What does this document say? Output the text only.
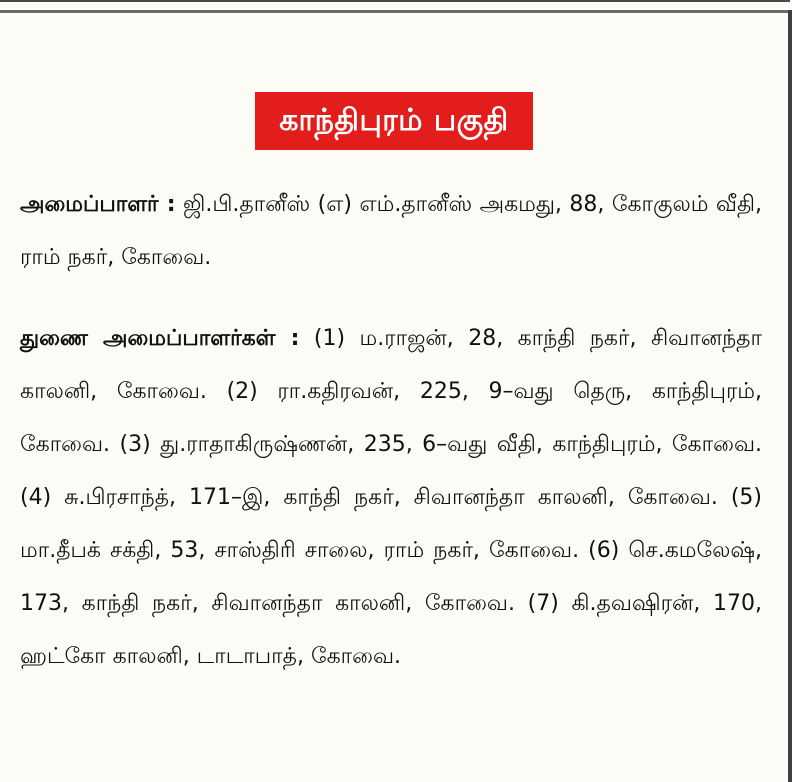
காந்திபுரம் பகுதி

அமைப்பாளர் : ஜி.பி.தானீஸ் (எ) எம்.தானீஸ் அகமது, 88, கோகுலம் வீதி, ராம் நகர், கோவை.

துணை அமைப்பாளர்கள் : (1) ம.ராஜன், 28, காந்தி நகர், சிவானந்தா காலனி, கோவை. (2) ரா.கதிரவன், 225, 9–வது தெரு, காந்திபுரம், கோவை. (3) து.ராதாகிருஷ்ணன், 235, 6–வது வீதி, காந்திபுரம், கோவை. (4) சு.பிரசாந்த், 171–இ, காந்தி நகர், சிவானந்தா காலனி, கோவை. (5) மா.தீபக் சக்தி, 53, சாஸ்திரி சாலை, ராம் நகர், கோவை. (6) செ.கமலேஷ், 173, காந்தி நகர், சிவானந்தா காலனி, கோவை. (7) கி.தவஷிரன், 170, ஹட்கோ காலனி, டாடாபாத், கோவை.
